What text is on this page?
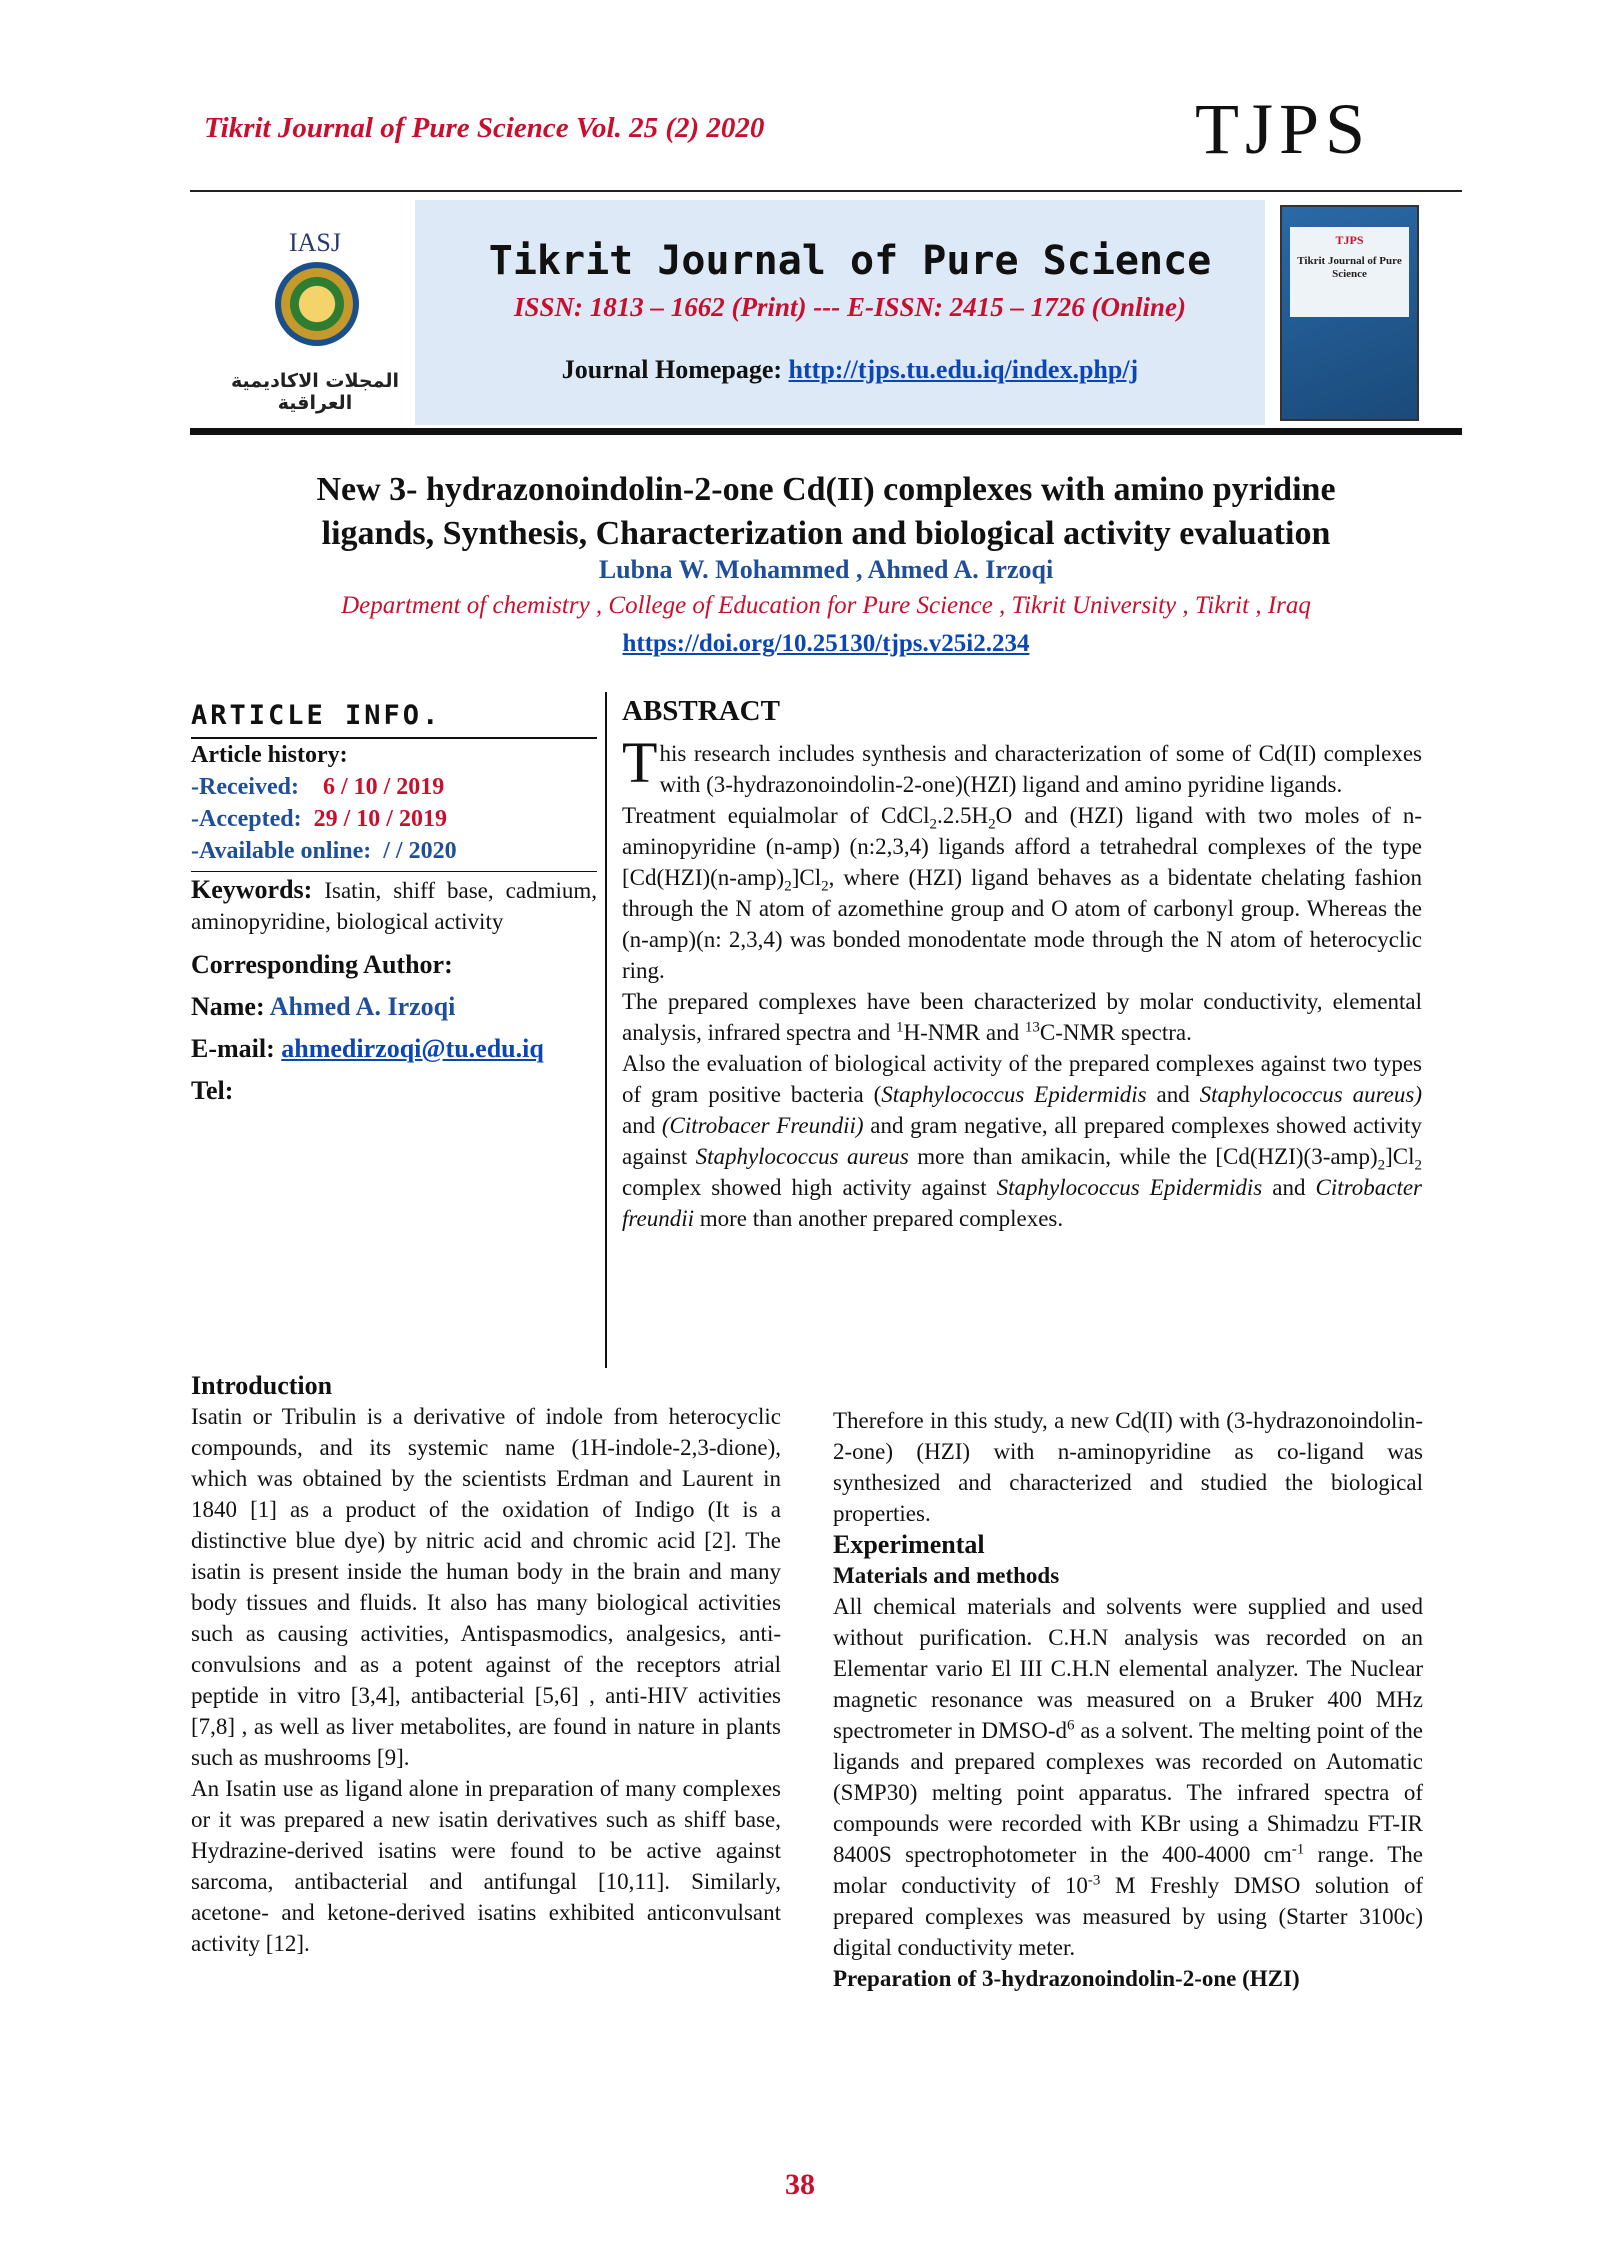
Tikrit Journal of Pure Science Vol. 25 (2) 2020	TJPS
IASJ
المجلات الاكاديمية العراقية
Tikrit Journal of Pure Science
ISSN: 1813 – 1662 (Print) --- E-ISSN: 2415 – 1726 (Online)
Journal Homepage: http://tjps.tu.edu.iq/index.php/j
TJPS
Tikrit Journal of Pure Science
New 3- hydrazonoindolin-2-one Cd(II) complexes with amino pyridine
ligands, Synthesis, Characterization and biological activity evaluation
Lubna W. Mohammed , Ahmed A. Irzoqi
Department of chemistry , College of Education for Pure Science , Tikrit University , Tikrit , Iraq
https://doi.org/10.25130/tjps.v25i2.234
ARTICLE INFO.
Article history:
-Received: 6 / 10 / 2019
-Accepted: 29 / 10 / 2019
-Available online: / / 2020
Keywords: Isatin, shiff base, cadmium, aminopyridine, biological activity
Corresponding Author:
Name: Ahmed A. Irzoqi
E-mail: ahmedirzoqi@tu.edu.iq
Tel:
ABSTRACT

This research includes synthesis and characterization of some of Cd(II) complexes with (3-hydrazonoindolin-2-one)(HZI) ligand and amino pyridine ligands.

Treatment equialmolar of $CdCl_2.2.5H_2O$ and (HZI) ligand with two moles of n-aminopyridine (n-amp) (n:2,3,4) ligands afford a tetrahedral complexes of the type $[Cd(HZI)(n-amp)_2]Cl_2$, where (HZI) ligand behaves as a bidentate chelating fashion through the N atom of azomethine group and O atom of carbonyl group. Whereas the (n-amp)(n: 2,3,4) was bonded monodentate mode through the N atom of heterocyclic ring.

The prepared complexes have been characterized by molar conductivity, elemental analysis, infrared spectra and $^1$H-NMR and $^{13}$C-NMR spectra.

Also the evaluation of biological activity of the prepared complexes against two types of gram positive bacteria (Staphylococcus Epidermidis and Staphylococcus aureus) and (Citrobacer Freundii) and gram negative, all prepared complexes showed activity against Staphylococcus aureus more than amikacin, while the $[Cd(HZI)(3-amp)_2]Cl_2$ complex showed high activity against Staphylococcus Epidermidis and Citrobacter freundii more than another prepared complexes.

Introduction

Isatin or Tribulin is a derivative of indole from heterocyclic compounds, and its systemic name (1H-indole-2,3-dione), which was obtained by the scientists Erdman and Laurent in 1840 [1] as a product of the oxidation of Indigo (It is a distinctive blue dye) by nitric acid and chromic acid [2]. The isatin is present inside the human body in the brain and many body tissues and fluids. It also has many biological activities such as causing activities, Antispasmodics, analgesics, anti-convulsions and as a potent against of the receptors atrial peptide in vitro [3,4], antibacterial [5,6] , anti-HIV activities [7,8] , as well as liver metabolites, are found in nature in plants such as mushrooms [9].

An Isatin use as ligand alone in preparation of many complexes or it was prepared a new isatin derivatives such as shiff base, Hydrazine-derived isatins were found to be active against sarcoma, antibacterial and antifungal [10,11]. Similarly, acetone- and ketone-derived isatins exhibited anticonvulsant activity [12].

Therefore in this study, a new Cd(II) with (3-hydrazonoindolin-2-one) (HZI) with n-aminopyridine as co-ligand was synthesized and characterized and studied the biological properties.

Experimental
Materials and methods

All chemical materials and solvents were supplied and used without purification. C.H.N analysis was recorded on an Elementar vario El III C.H.N elemental analyzer. The Nuclear magnetic resonance was measured on a Bruker 400 MHz spectrometer in DMSO-$d^6$ as a solvent. The melting point of the ligands and prepared complexes was recorded on Automatic (SMP30) melting point apparatus. The infrared spectra of compounds were recorded with KBr using a Shimadzu FT-IR 8400S spectrophotometer in the 400-4000 $cm^{-1}$ range. The molar conductivity of $10^{-3}$ M Freshly DMSO solution of prepared complexes was measured by using (Starter 3100c) digital conductivity meter.

Preparation of 3-hydrazonoindolin-2-one (HZI)
38
